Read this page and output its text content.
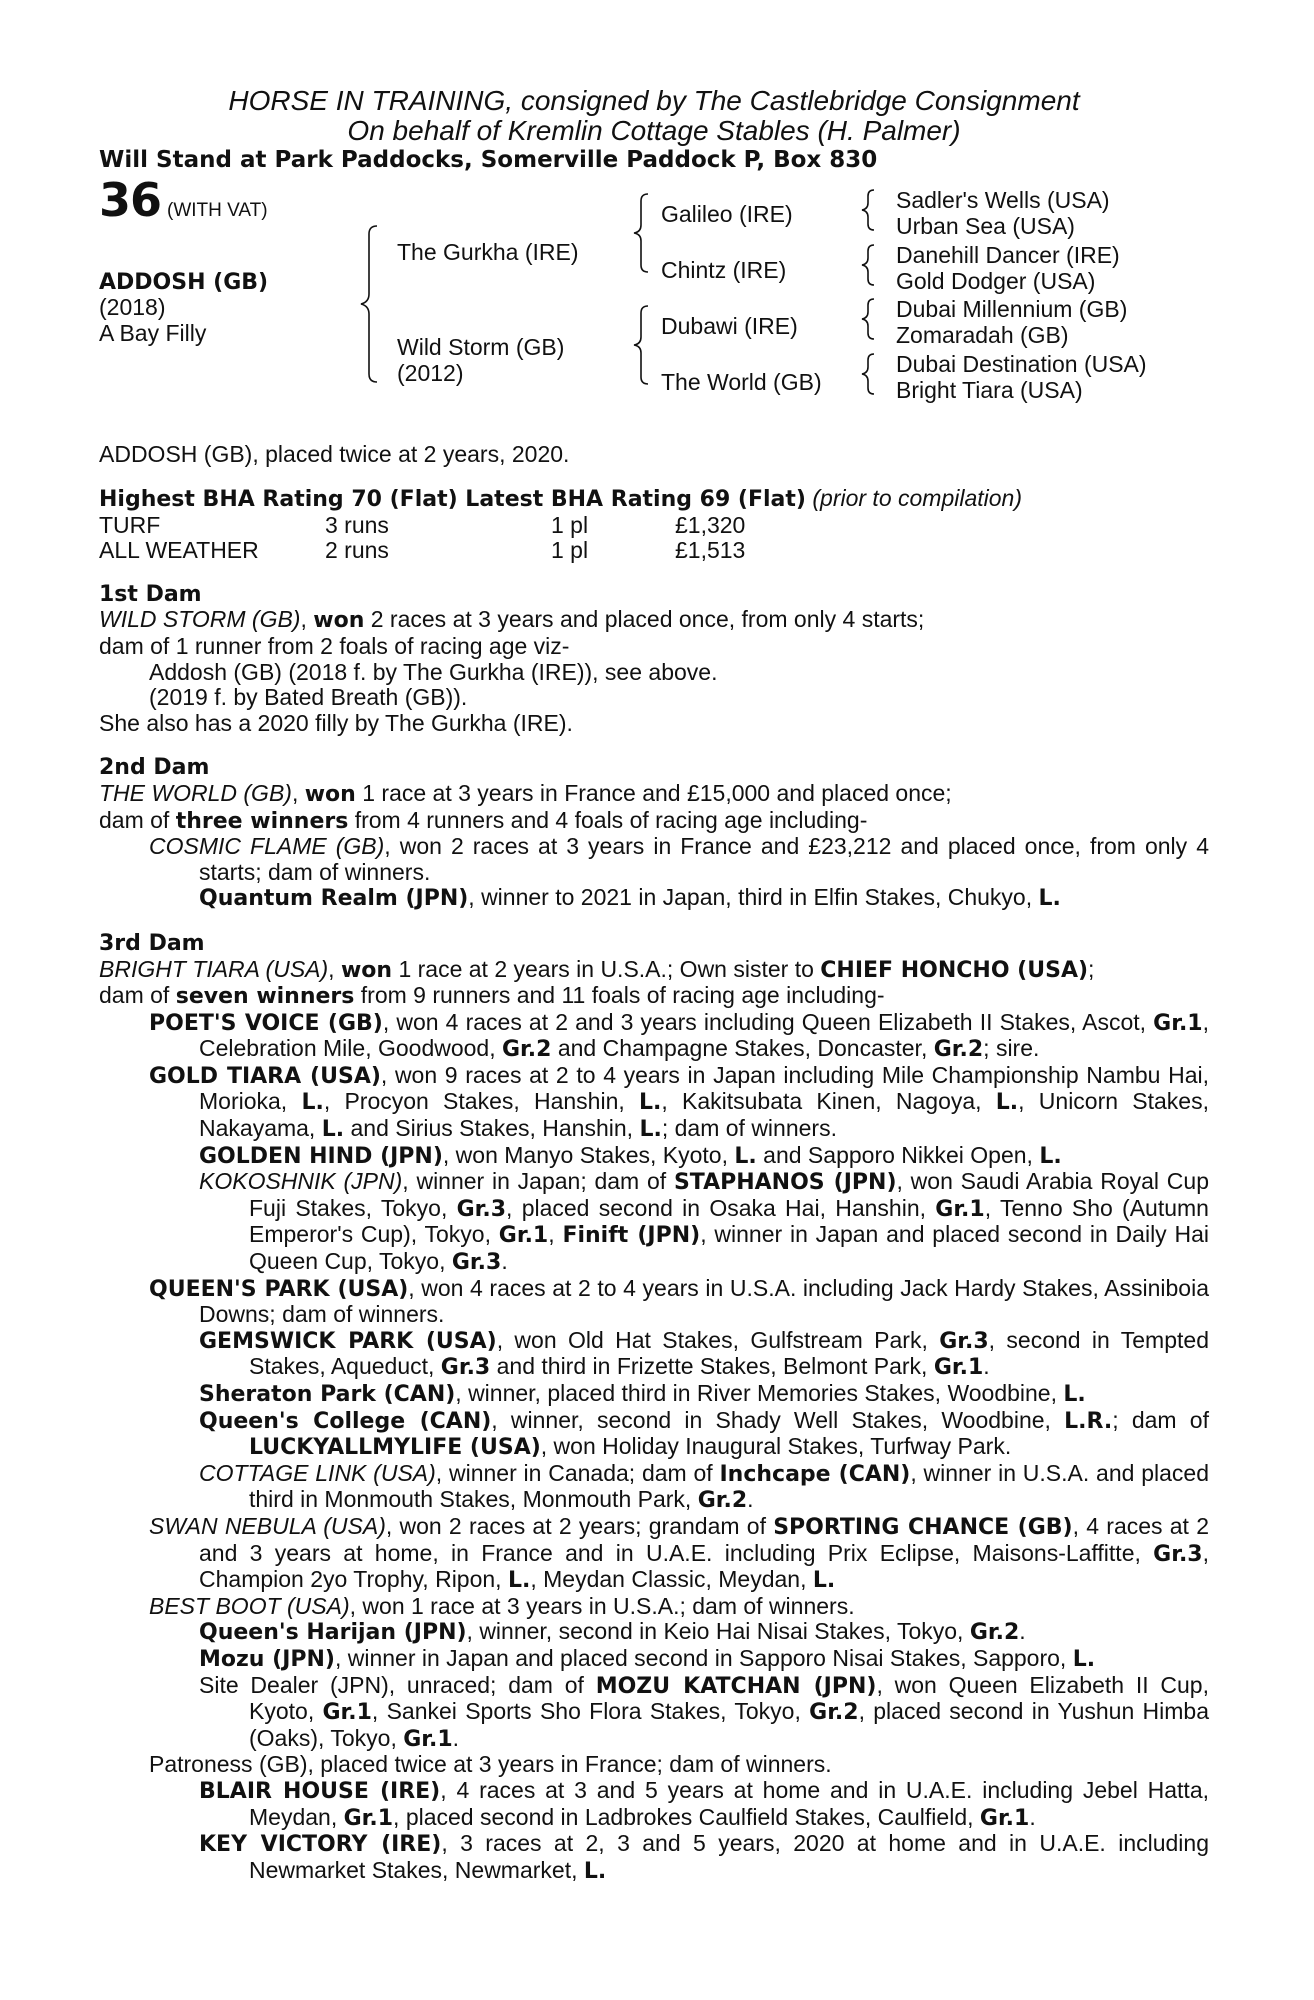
HORSE IN TRAINING, consigned by The Castlebridge Consignment
On behalf of Kremlin Cottage Stables (H. Palmer)
Will Stand at Park Paddocks, Somerville Paddock P, Box 830
36 (WITH VAT)
ADDOSH (GB)
(2018)
A Bay Filly
The Gurkha (IRE)
Wild Storm (GB)
(2012)
Galileo (IRE)
Chintz (IRE)
Dubawi (IRE)
The World (GB)
Sadler's Wells (USA)
Urban Sea (USA)
Danehill Dancer (IRE)
Gold Dodger (USA)
Dubai Millennium (GB)
Zomaradah (GB)
Dubai Destination (USA)
Bright Tiara (USA)

ADDOSH (GB), placed twice at 2 years, 2020.

Highest BHA Rating 70 (Flat) Latest BHA Rating 69 (Flat) (prior to compilation)

TURF	3 runs	1 pl	£1,320
ALL WEATHER	2 runs	1 pl	£1,513
1st Dam

WILD STORM (GB), won 2 races at 3 years and placed once, from only 4 starts;

dam of 1 runner from 2 foals of racing age viz-

Addosh (GB) (2018 f. by The Gurkha (IRE)), see above.

(2019 f. by Bated Breath (GB)).

She also has a 2020 filly by The Gurkha (IRE).

2nd Dam

THE WORLD (GB), won 1 race at 3 years in France and £15,000 and placed once;

dam of three winners from 4 runners and 4 foals of racing age including-

COSMIC FLAME (GB), won 2 races at 3 years in France and £23,212 and placed once, from only 4 starts; dam of winners.

Quantum Realm (JPN), winner to 2021 in Japan, third in Elfin Stakes, Chukyo, L.

3rd Dam

BRIGHT TIARA (USA), won 1 race at 2 years in U.S.A.; Own sister to CHIEF HONCHO (USA);

dam of seven winners from 9 runners and 11 foals of racing age including-

POET'S VOICE (GB), won 4 races at 2 and 3 years including Queen Elizabeth II Stakes, Ascot, Gr.1, Celebration Mile, Goodwood, Gr.2 and Champagne Stakes, Doncaster, Gr.2; sire.

GOLD TIARA (USA), won 9 races at 2 to 4 years in Japan including Mile Championship Nambu Hai, Morioka, L., Procyon Stakes, Hanshin, L., Kakitsubata Kinen, Nagoya, L., Unicorn Stakes, Nakayama, L. and Sirius Stakes, Hanshin, L.; dam of winners.

GOLDEN HIND (JPN), won Manyo Stakes, Kyoto, L. and Sapporo Nikkei Open, L.

KOKOSHNIK (JPN), winner in Japan; dam of STAPHANOS (JPN), won Saudi Arabia Royal Cup Fuji Stakes, Tokyo, Gr.3, placed second in Osaka Hai, Hanshin, Gr.1, Tenno Sho (Autumn Emperor's Cup), Tokyo, Gr.1, Finift (JPN), winner in Japan and placed second in Daily Hai Queen Cup, Tokyo, Gr.3.

QUEEN'S PARK (USA), won 4 races at 2 to 4 years in U.S.A. including Jack Hardy Stakes, Assiniboia Downs; dam of winners.

GEMSWICK PARK (USA), won Old Hat Stakes, Gulfstream Park, Gr.3, second in Tempted Stakes, Aqueduct, Gr.3 and third in Frizette Stakes, Belmont Park, Gr.1.

Sheraton Park (CAN), winner, placed third in River Memories Stakes, Woodbine, L.

Queen's College (CAN), winner, second in Shady Well Stakes, Woodbine, L.R.; dam of LUCKYALLMYLIFE (USA), won Holiday Inaugural Stakes, Turfway Park.

COTTAGE LINK (USA), winner in Canada; dam of Inchcape (CAN), winner in U.S.A. and placed third in Monmouth Stakes, Monmouth Park, Gr.2.

SWAN NEBULA (USA), won 2 races at 2 years; grandam of SPORTING CHANCE (GB), 4 races at 2 and 3 years at home, in France and in U.A.E. including Prix Eclipse, Maisons-Laffitte, Gr.3, Champion 2yo Trophy, Ripon, L., Meydan Classic, Meydan, L.

BEST BOOT (USA), won 1 race at 3 years in U.S.A.; dam of winners.

Queen's Harijan (JPN), winner, second in Keio Hai Nisai Stakes, Tokyo, Gr.2.

Mozu (JPN), winner in Japan and placed second in Sapporo Nisai Stakes, Sapporo, L.

Site Dealer (JPN), unraced; dam of MOZU KATCHAN (JPN), won Queen Elizabeth II Cup, Kyoto, Gr.1, Sankei Sports Sho Flora Stakes, Tokyo, Gr.2, placed second in Yushun Himba (Oaks), Tokyo, Gr.1.

Patroness (GB), placed twice at 3 years in France; dam of winners.

BLAIR HOUSE (IRE), 4 races at 3 and 5 years at home and in U.A.E. including Jebel Hatta, Meydan, Gr.1, placed second in Ladbrokes Caulfield Stakes, Caulfield, Gr.1.

KEY VICTORY (IRE), 3 races at 2, 3 and 5 years, 2020 at home and in U.A.E. including Newmarket Stakes, Newmarket, L.
